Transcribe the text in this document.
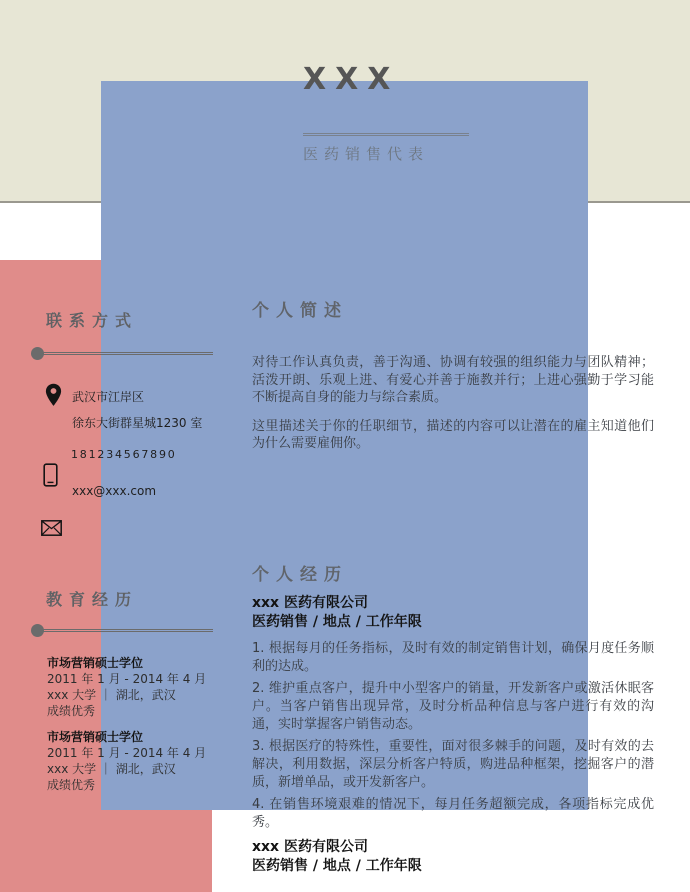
XXX
医药销售代表
联系方式
武汉市江岸区
徐东大街群星城1230 室
181234567890
xxx@xxx.com
教育经历
市场营销硕士学位
2011 年 1 月 - 2014 年 4 月
xxx 大学 ｜ 湖北，武汉
成绩优秀
市场营销硕士学位
2011 年 1 月 - 2014 年 4 月
xxx 大学 ｜ 湖北，武汉
成绩优秀
个人简述

对待工作认真负责，善于沟通、协调有较强的组织能力与团队精神；活泼开朗、乐观上进、有爱心并善于施教并行；上进心强勤于学习能不断提高自身的能力与综合素质。

这里描述关于你的任职细节，描述的内容可以让潜在的雇主知道他们为什么需要雇佣你。

个人经历
xxx 医药有限公司
医药销售 / 地点 / 工作年限

1. 根据每月的任务指标，及时有效的制定销售计划，确保月度任务顺利的达成。

2. 维护重点客户，提升中小型客户的销量，开发新客户或激活休眠客户。当客户销售出现异常，及时分析品种信息与客户进行有效的沟通，实时掌握客户销售动态。

3. 根据医疗的特殊性，重要性，面对很多棘手的问题，及时有效的去解决，利用数据，深层分析客户特质，购进品种框架，挖掘客户的潜质，新增单品，或开发新客户。

4. 在销售环境艰难的情况下，每月任务超额完成，各项指标完成优秀。

xxx 医药有限公司
医药销售 / 地点 / 工作年限
